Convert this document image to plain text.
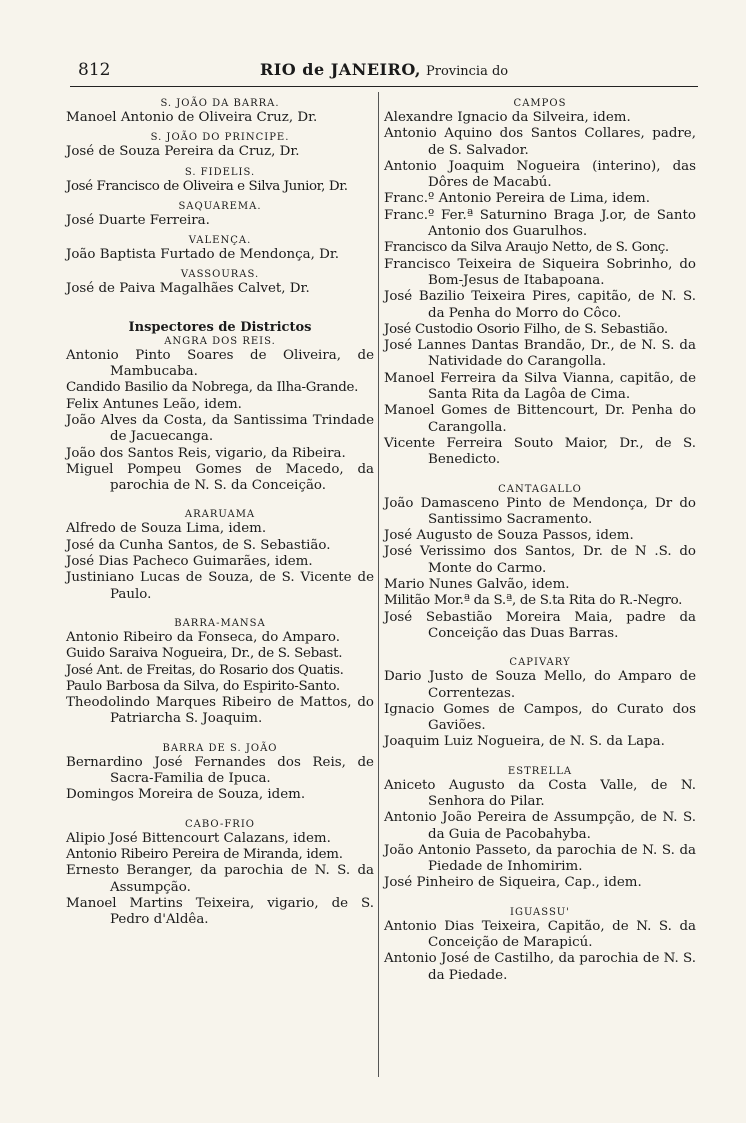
812	RIO de JANEIRO, Provincia do
S. JOÃO DA BARRA.
Manoel Antonio de Oliveira Cruz, Dr.
S. JOÃO DO PRINCIPE.
José de Souza Pereira da Cruz, Dr.
S. FIDELIS.
José Francisco de Oliveira e Silva Junior, Dr.
SAQUAREMA.
José Duarte Ferreira.
VALENÇA.
João Baptista Furtado de Mendonça, Dr.
VASSOURAS.
José de Paiva Magalhães Calvet, Dr.
Inspectores de Districtos
ANGRA DOS REIS.
Antonio Pinto Soares de Oliveira, de Mambucaba.
Candido Basilio da Nobrega, da Ilha-Grande.
Felix Antunes Leão, idem.
João Alves da Costa, da Santissima Trindade de Jacuecanga.
João dos Santos Reis, vigario, da Ribeira.
Miguel Pompeu Gomes de Macedo, da parochia de N. S. da Conceição.
ARARUAMA
Alfredo de Souza Lima, idem.
José da Cunha Santos, de S. Sebastião.
José Dias Pacheco Guimarães, idem.
Justiniano Lucas de Souza, de S. Vicente de Paulo.
BARRA-MANSA
Antonio Ribeiro da Fonseca, do Amparo.
Guido Saraiva Nogueira, Dr., de S. Sebast.
José Ant. de Freitas, do Rosario dos Quatis.
Paulo Barbosa da Silva, do Espirito-Santo.
Theodolindo Marques Ribeiro de Mattos, do Patriarcha S. Joaquim.
BARRA DE S. JOÃO
Bernardino José Fernandes dos Reis, de Sacra-Familia de Ipuca.
Domingos Moreira de Souza, idem.
CABO-FRIO
Alipio José Bittencourt Calazans, idem.
Antonio Ribeiro Pereira de Miranda, idem.
Ernesto Beranger, da parochia de N. S. da Assumpção.
Manoel Martins Teixeira, vigario, de S. Pedro d'Aldêa.
CAMPOS
Alexandre Ignacio da Silveira, idem.
Antonio Aquino dos Santos Collares, padre, de S. Salvador.
Antonio Joaquim Nogueira (interino), das Dôres de Macabú.
Franc.º Antonio Pereira de Lima, idem.
Franc.º Fer.ª Saturnino Braga J.or, de Santo Antonio dos Guarulhos.
Francisco da Silva Araujo Netto, de S. Gonç.
Francisco Teixeira de Siqueira Sobrinho, do Bom-Jesus de Itabapoana.
José Bazilio Teixeira Pires, capitão, de N. S. da Penha do Morro do Côco.
José Custodio Osorio Filho, de S. Sebastião.
José Lannes Dantas Brandão, Dr., de N. S. da Natividade do Carangolla.
Manoel Ferreira da Silva Vianna, capitão, de Santa Rita da Lagôa de Cima.
Manoel Gomes de Bittencourt, Dr. Penha do Carangolla.
Vicente Ferreira Souto Maior, Dr., de S. Benedicto.
CANTAGALLO
João Damasceno Pinto de Mendonça, Dr do Santissimo Sacramento.
José Augusto de Souza Passos, idem.
José Verissimo dos Santos, Dr. de N .S. do Monte do Carmo.
Mario Nunes Galvão, idem.
Militão Mor.ª da S.ª, de S.ta Rita do R.-Negro.
José Sebastião Moreira Maia, padre da Conceição das Duas Barras.
CAPIVARY
Dario Justo de Souza Mello, do Amparo de Correntezas.
Ignacio Gomes de Campos, do Curato dos Gaviões.
Joaquim Luiz Nogueira, de N. S. da Lapa.
ESTRELLA
Aniceto Augusto da Costa Valle, de N. Senhora do Pilar.
Antonio João Pereira de Assumpção, de N. S. da Guia de Pacobahyba.
João Antonio Passeto, da parochia de N. S. da Piedade de Inhomirim.
José Pinheiro de Siqueira, Cap., idem.
IGUASSU'
Antonio Dias Teixeira, Capitão, de N. S. da Conceição de Marapicú.
Antonio José de Castilho, da parochia de N. S. da Piedade.
